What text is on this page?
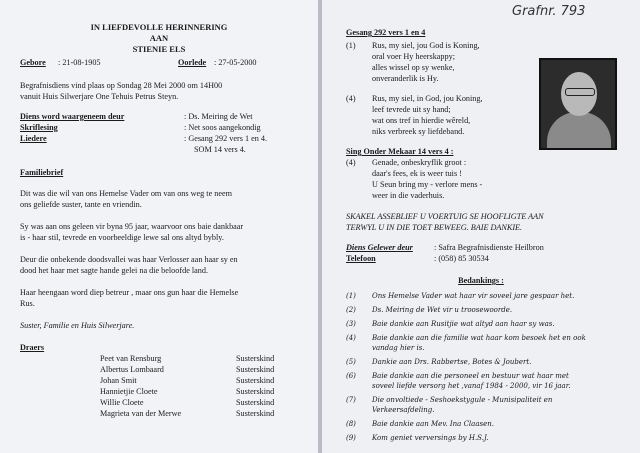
IN LIEFDEVOLLE HERINNERING
AAN
STIENIE ELS
Gebore : 21-08-1905	Oorlede : 27-05-2000
Begrafnisdiens vind plaas op Sondag 28 Mei 2000 om 14H00
vanuit Huis Silwerjare One Tehuis Petrus Steyn.
Diens word waargeneem deur	: Ds. Meiring de Wet
Skriflesing	: Net soos aangekondig
Liedere	: Gesang 292 vers 1 en 4.
SOM 14 vers 4.
Familiebrief
Dit was die wil van ons Hemelse Vader om van ons weg te neem
ons geliefde suster, tante en vriendin.
Sy was aan ons geleen vir byna 95 jaar, waarvoor ons baie dankbaar
is - haar stil, tevrede en voorbeeldige lewe sal ons altyd bybly.
Deur die onbekende doodsvallei was haar Verlosser aan haar sy en
dood het haar met sagte hande gelei na die beloofde land.
Haar heengaan word diep betreur , maar ons gun haar die Hemelse
Rus.
Suster, Familie en Huis Silwerjare.
Draers
Peet van Rensburg	Susterskind
Albertus Lombaard	Susterskind
Johan Smit	Susterskind
Hannietjie Cloete	Susterskind
Willie Cloete	Susterskind
Magrieta van der Merwe	Susterskind
Grafnr. 793
Gesang 292 vers 1 en 4
(1) Rus, my siel, jou God is Koning,
oral voer Hy heerskappy;
alles wissel op sy wenke,
onveranderlik is Hy.
(4) Rus, my siel, in God, jou Koning,
leef tevrede uit sy hand;
wat ons tref in hierdie wêreld,
niks verbreek sy liefdeband.
Sing Onder Mekaar 14 vers 4 :
(4) Genade, onbeskryflik groot :
daar's fees, ek is weer tuis !
U Seun bring my - verlore mens -
weer in die vaderhuis.
SKAKEL ASSEBLIEF U VOERTUIG SE HOOFLIGTE AAN
TERWYL U IN DIE TOET BEWEEG. BAIE DANKIE.
Diens Gelewer deur	: Safra Begrafnisdienste Heilbron
Telefoon	: (058) 85 30534
Bedankings :
(1) Ons Hemelse Vader wat haar vir soveel jare gespaar het.
(2) Ds. Meiring de Wet vir u troosewoorde.
(3) Baie dankie aan Rusitjie wat altyd aan haar sy was.
(4) Baie dankie aan die familie wat haar kom besoek het en ook
vandag hier is.
(5) Dankie aan Drs. Rabbertse, Botes & Joubert.
(6) Baie dankie aan die personeel en bestuur wat haar met
soveel liefde versorg het ,vanaf 1984 - 2000, vir 16 jaar.
(7) Die onvoltiede - Seshoekstygule - Munisipaliteit en
Verkeersafdeling.
(8) Baie dankie aan Mev. Ina Claasen.
(9) Kom geniet verversings by H.S.J.
